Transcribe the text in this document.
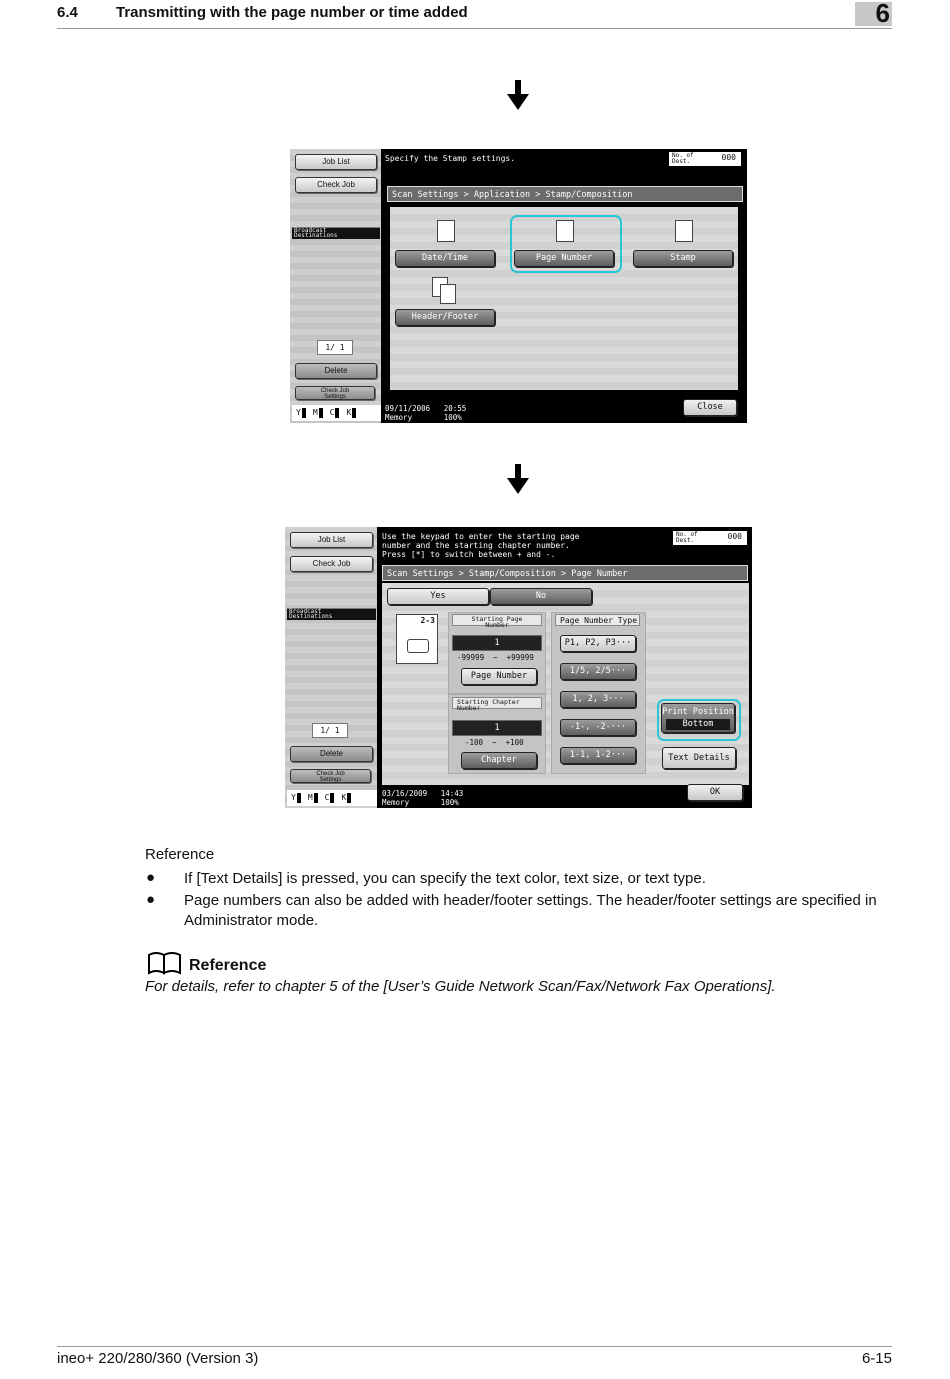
6.4	Transmitting with the page number or time added	6
Job List
Check Job
Broadcast
Destinations
1/ 1
Delete
Check Job
Settings
Y	M	C	K
Specify the Stamp settings.	No. of
Dest.	000
Scan Settings > Application > Stamp/Composition
Date/Time	Page Number	Stamp
Header/Footer
09/11/2006 20:55
Memory	100%
Close
Job List
Check Job
Broadcast
Destinations
1/ 1
Delete
Check Job
Settings
Y	M	C	K
Use the keypad to enter the starting page
number and the starting chapter number.
Press [*] to switch between + and -.
No. of
Dest.	000
Scan Settings > Stamp/Composition > Page Number
Yes	No
2-3	Starting Page
Number
1
-99999  ~  +99999
Page Number
Starting Chapter
Number
1
-100  ~  +100
Chapter
Page Number Type
P1, P2, P3···
1/5, 2/5···
1, 2, 3···
-1-, -2-···
1-1, 1-2···
Print Position
Bottom
Text Details
03/16/2009 14:43
Memory	100%
OK
Reference
● If [Text Details] is pressed, you can specify the text color, text size, or text type.
● Page numbers can also be added with header/footer settings. The header/footer settings are specified in Administrator mode.
Reference
For details, refer to chapter 5 of the [User’s Guide Network Scan/Fax/Network Fax Operations].
ineo+ 220/280/360 (Version 3)	6-15
